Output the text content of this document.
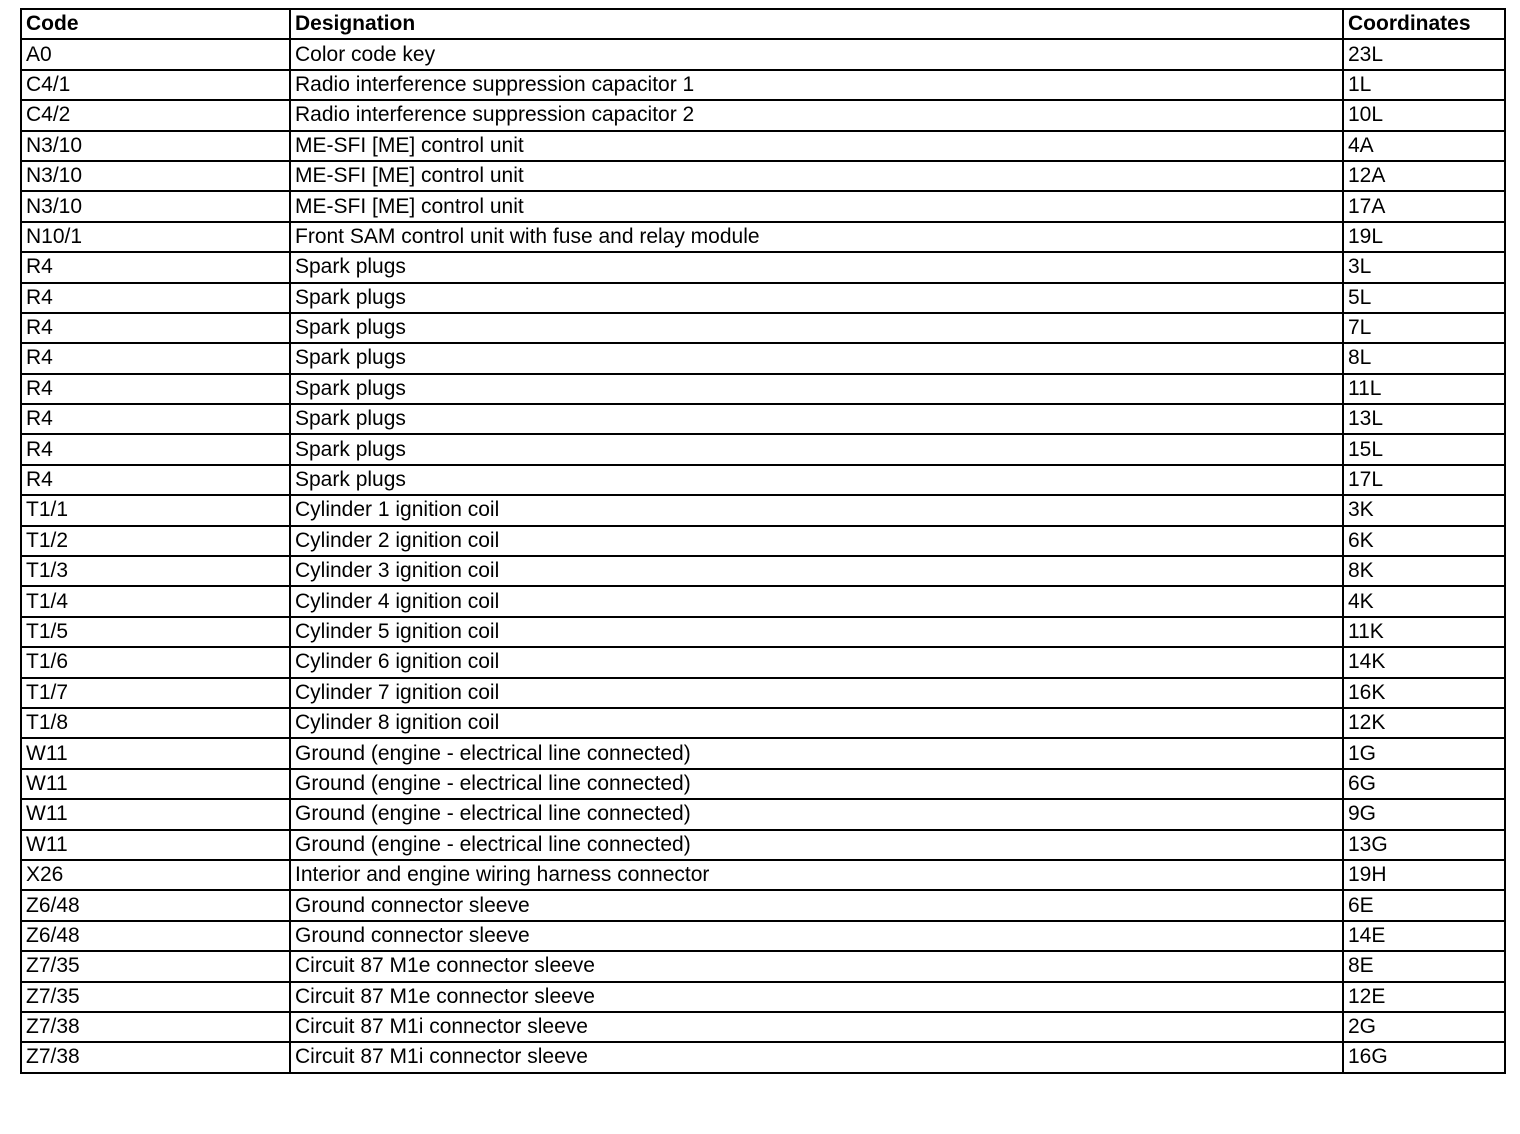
Code	Designation	Coordinates
A0	Color code key	23L
C4/1	Radio interference suppression capacitor 1	1L
C4/2	Radio interference suppression capacitor 2	10L
N3/10	ME-SFI [ME] control unit	4A
N3/10	ME-SFI [ME] control unit	12A
N3/10	ME-SFI [ME] control unit	17A
N10/1	Front SAM control unit with fuse and relay module	19L
R4	Spark plugs	3L
R4	Spark plugs	5L
R4	Spark plugs	7L
R4	Spark plugs	8L
R4	Spark plugs	11L
R4	Spark plugs	13L
R4	Spark plugs	15L
R4	Spark plugs	17L
T1/1	Cylinder 1 ignition coil	3K
T1/2	Cylinder 2 ignition coil	6K
T1/3	Cylinder 3 ignition coil	8K
T1/4	Cylinder 4 ignition coil	4K
T1/5	Cylinder 5 ignition coil	11K
T1/6	Cylinder 6 ignition coil	14K
T1/7	Cylinder 7 ignition coil	16K
T1/8	Cylinder 8 ignition coil	12K
W11	Ground (engine - electrical line connected)	1G
W11	Ground (engine - electrical line connected)	6G
W11	Ground (engine - electrical line connected)	9G
W11	Ground (engine - electrical line connected)	13G
X26	Interior and engine wiring harness connector	19H
Z6/48	Ground connector sleeve	6E
Z6/48	Ground connector sleeve	14E
Z7/35	Circuit 87 M1e connector sleeve	8E
Z7/35	Circuit 87 M1e connector sleeve	12E
Z7/38	Circuit 87 M1i connector sleeve	2G
Z7/38	Circuit 87 M1i connector sleeve	16G
